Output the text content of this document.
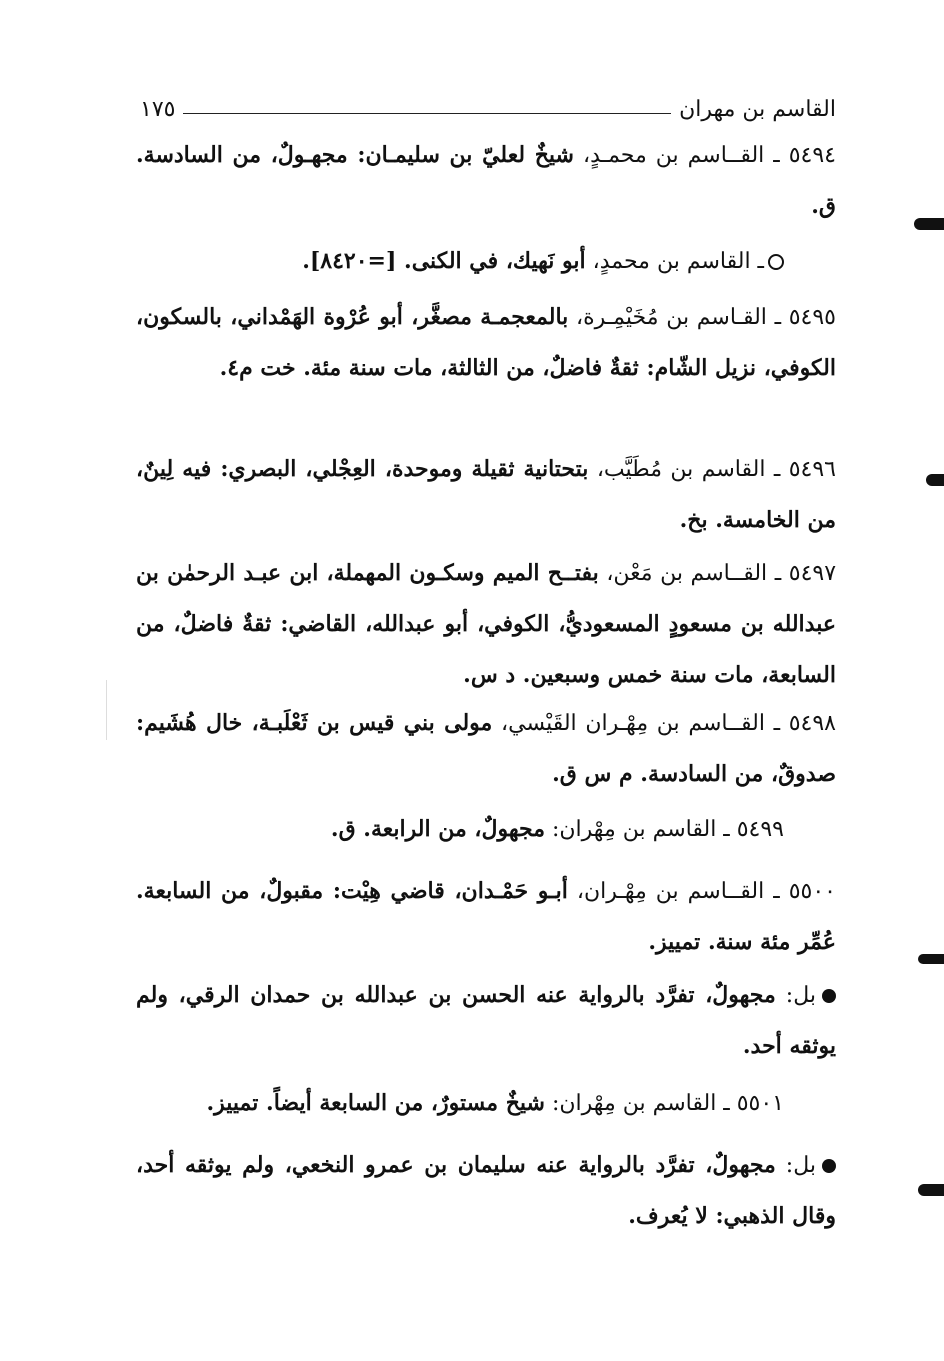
القاسم بن مهران
١٧٥
٥٤٩٤ ـ القــاسم بن محمـدٍ، شيخٌ لعليّ بن سليمـان: مجهـولٌ، من السادسة. ق.
ـ القاسم بن محمدٍ، أبو نَهيك، في الكنى. [=٨٤٢٠].
٥٤٩٥ ـ القـاسم بن مُخَيْمِـرة، بالمعجمـة مصغَّر، أبو عُرْوة الهَمْداني، بالسكون، الكوفي، نزيل الشّام: ثقةٌ فاضلٌ، من الثالثة، مات سنة مئة. خت م٤.
٥٤٩٦ ـ القاسم بن مُطَيَّب، بتحتانية ثقيلة وموحدة، العِجْلي، البصري: فيه لِينٌ، من الخامسة. بخ.
٥٤٩٧ ـ القــاسم بن مَعْن، بفتــح الميم وسكـون المهملة، ابن عبـد الرحمٰن بن عبدالله بن مسعودٍ المسعوديُّ، الكوفي، أبو عبدالله، القاضي: ثقةٌ فاضلٌ، من السابعة، مات سنة خمس وسبعين. د س.
٥٤٩٨ ـ القــاسم بن مِهْـران القَيْسي، مولى بني قيس بن ثَعْلَبـة، خال هُشَيم: صدوقٌ، من السادسة. م س ق.
٥٤٩٩ ـ القاسم بن مِهْران: مجهولٌ، من الرابعة. ق.
٥٥٠٠ ـ القــاسم بن مِهْـران، أبـو حَمْـدان، قاضي هِيْت: مقبولٌ، من السابعة. عُمِّر مئة سنة. تمييز.
بل: مجهولٌ، تفرَّد بالرواية عنه الحسن بن عبدالله بن حمدان الرقي، ولم يوثقه أحد.
٥٥٠١ ـ القاسم بن مِهْران: شيخٌ مستورٌ، من السابعة أيضاً. تمييز.
بل: مجهولٌ، تفرَّد بالرواية عنه سليمان بن عمرو النخعي، ولم يوثقه أحد، وقال الذهبي: لا يُعرف.
